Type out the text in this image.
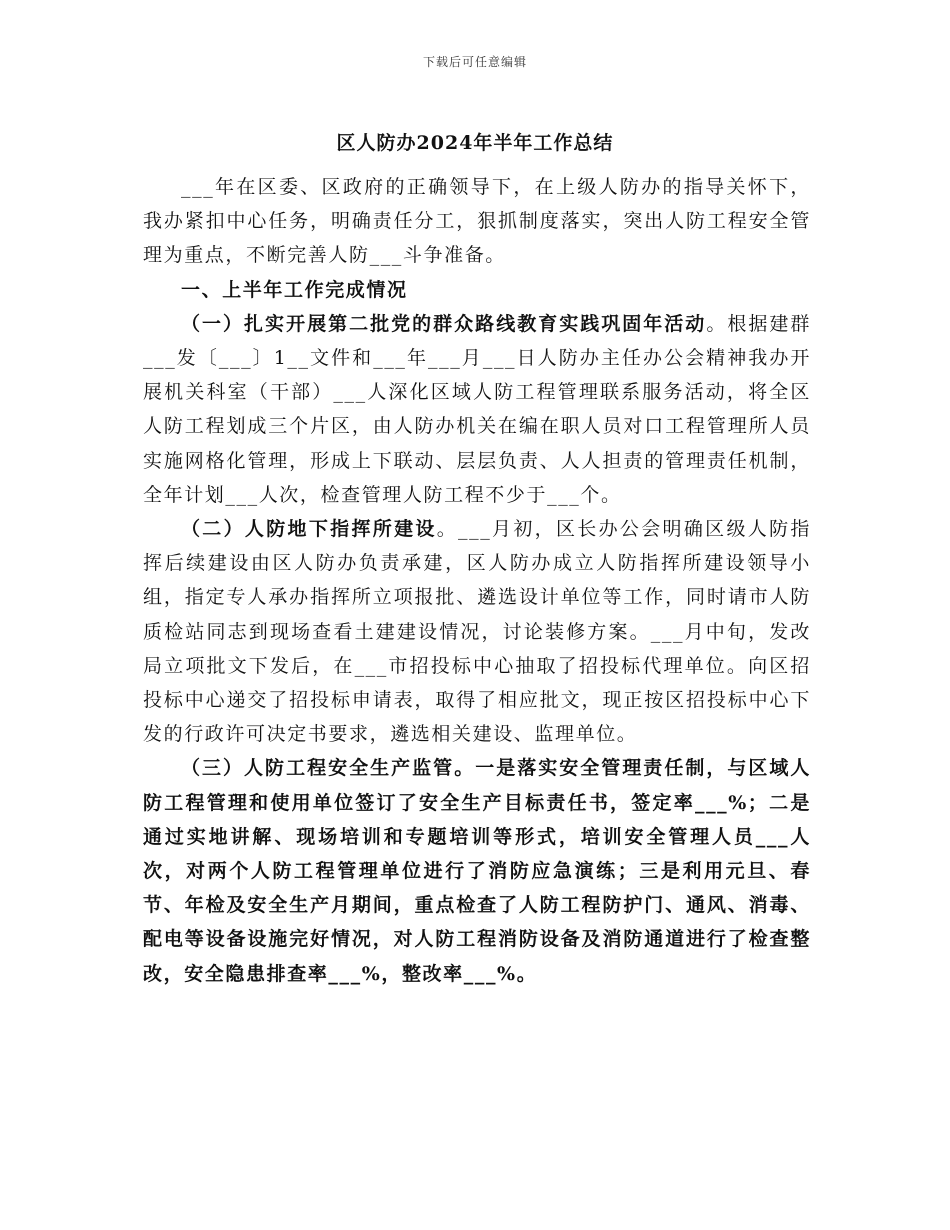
下载后可任意编辑
区人防办2024年半年工作总结

___年在区委、区政府的正确领导下，在上级人防办的指导关怀下，我办紧扣中心任务，明确责任分工，狠抓制度落实，突出人防工程安全管理为重点，不断完善人防___斗争准备。

一、上半年工作完成情况

（一）扎实开展第二批党的群众路线教育实践巩固年活动。根据建群___发〔___〕1__文件和___年___月___日人防办主任办公会精神我办开展机关科室（干部）___人深化区域人防工程管理联系服务活动，将全区人防工程划成三个片区，由人防办机关在编在职人员对口工程管理所人员实施网格化管理，形成上下联动、层层负责、人人担责的管理责任机制，全年计划___人次，检查管理人防工程不少于___个。

（二）人防地下指挥所建设。___月初，区长办公会明确区级人防指挥后续建设由区人防办负责承建，区人防办成立人防指挥所建设领导小组，指定专人承办指挥所立项报批、遴选设计单位等工作，同时请市人防质检站同志到现场查看土建建设情况，讨论装修方案。___月中旬，发改局立项批文下发后，在___市招投标中心抽取了招投标代理单位。向区招投标中心递交了招投标申请表，取得了相应批文，现正按区招投标中心下发的行政许可决定书要求，遴选相关建设、监理单位。

（三）人防工程安全生产监管。一是落实安全管理责任制，与区域人防工程管理和使用单位签订了安全生产目标责任书，签定率___%；二是通过实地讲解、现场培训和专题培训等形式，培训安全管理人员___人次，对两个人防工程管理单位进行了消防应急演练；三是利用元旦、春节、年检及安全生产月期间，重点检查了人防工程防护门、通风、消毒、配电等设备设施完好情况，对人防工程消防设备及消防通道进行了检查整改，安全隐患排查率___%，整改率___%。
